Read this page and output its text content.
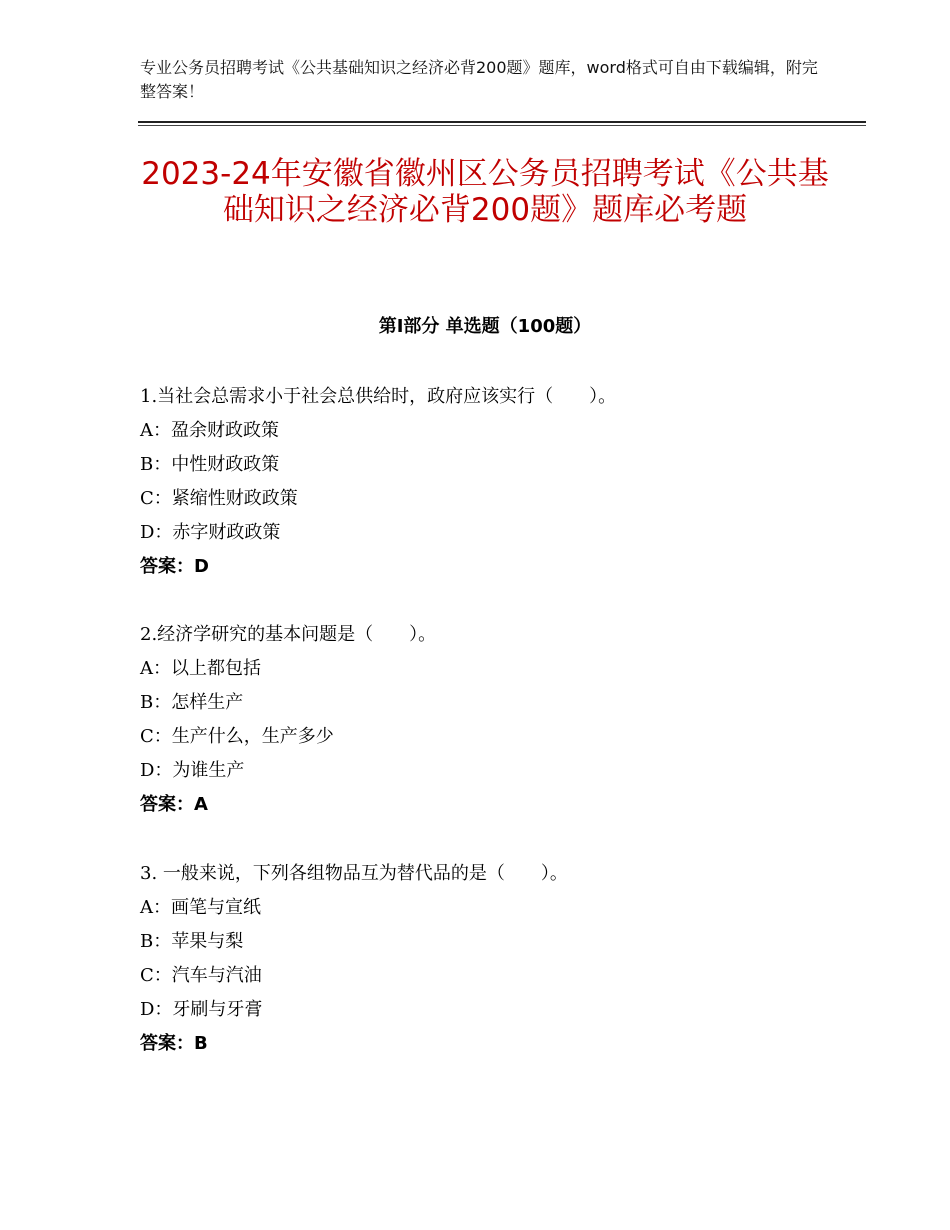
专业公务员招聘考试《公共基础知识之经济必背200题》题库，word格式可自由下载编辑，附完整答案！
2023-24年安徽省徽州区公务员招聘考试《公共基础知识之经济必背200题》题库必考题
第I部分 单选题（100题）
1.当社会总需求小于社会总供给时，政府应该实行（　　）。
A：盈余财政政策
B：中性财政政策
C：紧缩性财政政策
D：赤字财政政策
答案：D
2.经济学研究的基本问题是（　　）。
A：以上都包括
B：怎样生产
C：生产什么，生产多少
D：为谁生产
答案：A
3. 一般来说，下列各组物品互为替代品的是（　　）。
A：画笔与宣纸
B：苹果与梨
C：汽车与汽油
D：牙刷与牙膏
答案：B
